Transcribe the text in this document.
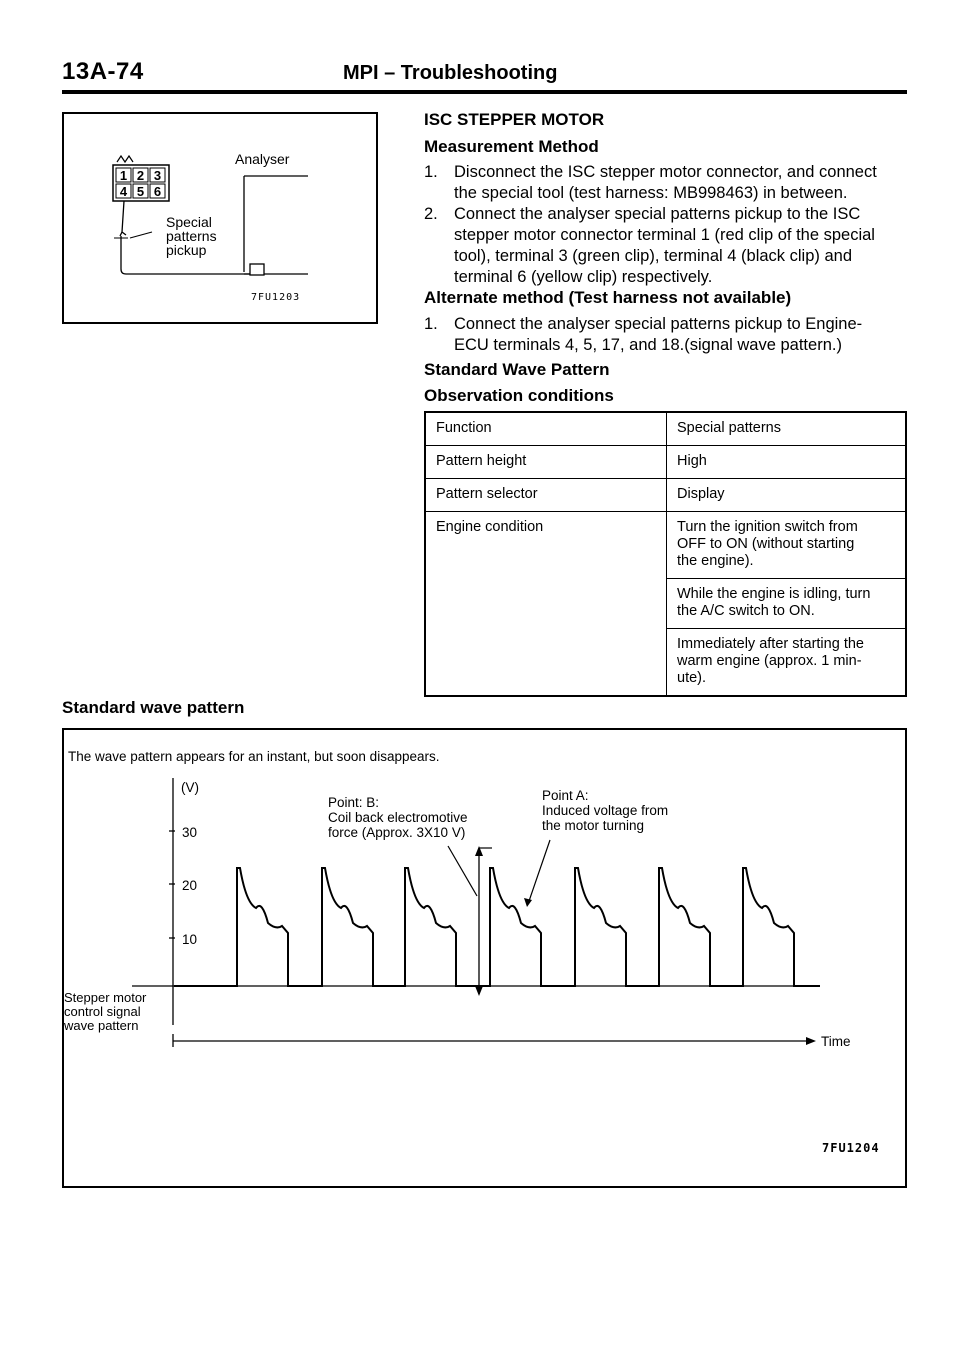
13A-74	MPI – Troubleshooting
1 2 3
4 5 6
Analyser
Special
patterns
pickup
7FU1203
ISC STEPPER MOTOR
Measurement Method
1. Disconnect the ISC stepper motor connector, and connect
the special tool (test harness: MB998463) in between.
2. Connect the analyser special patterns pickup to the ISC
stepper motor connector terminal 1 (red clip of the special
tool), terminal 3 (green clip), terminal 4 (black clip) and
terminal 6 (yellow clip) respectively.
Alternate method (Test harness not available)
1. Connect the analyser special patterns pickup to Engine-
ECU terminals 4, 5, 17, and 18.(signal wave pattern.)
Standard Wave Pattern
Observation conditions
Function	Special patterns
Pattern height	High
Pattern selector	Display
Engine condition	Turn the ignition switch from
OFF to ON (without starting
the engine).

	While the engine is idling, turn
the A/C switch to ON.

	Immediately after starting the
warm engine (approx. 1 min-
ute).
Standard wave pattern
The wave pattern appears for an instant, but soon disappears.
(V)
30
20
10
Point: B:
Coil back electromotive
force (Approx. 3X10 V)
Point A:
Induced voltage from
the motor turning
Stepper motor
control signal
wave pattern
Time
7FU1204
